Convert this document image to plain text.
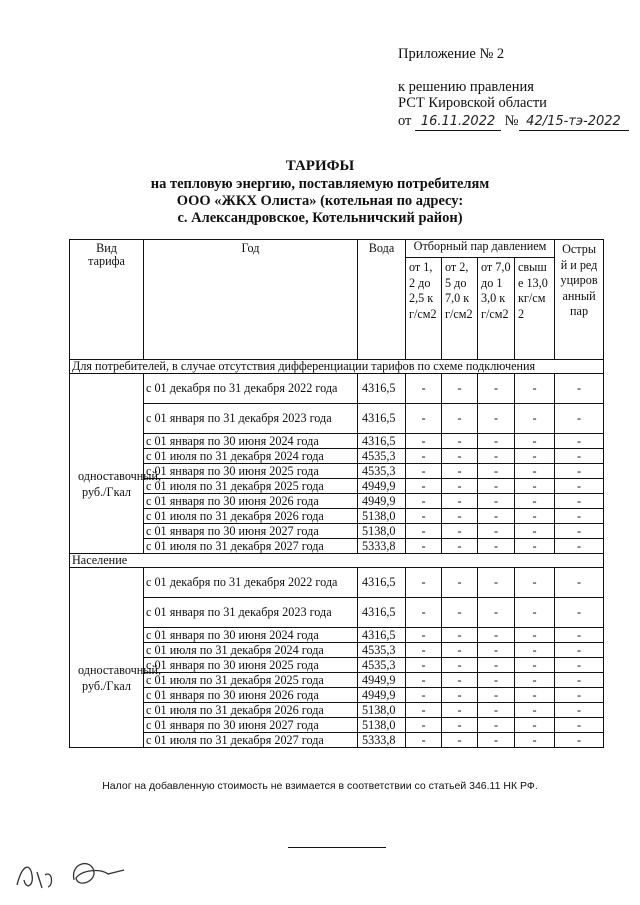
Приложение № 2
к решению правления
РСТ Кировской области
от 16.11.2022 № 42/15-тэ-2022
ТАРИФЫ
на тепловую энергию, поставляемую потребителям
ООО «ЖКХ Олиста» (котельная по адресу:
с. Александровское, Котельничский район)
Вид тарифа	Год	Вода	Отборный пар давлением				Острый и редуцированный пар
			от 1,2 до 2,5 кг/см2	от 2,5 до 7,0 кг/см2	от 7,0 до 13,0 кг/см2	свыше 13,0 кг/см2	
Для потребителей, в случае отсутствия дифференциации тарифов по схеме подключения							
одноставочный, руб./Гкал	с 01 декабря по 31 декабря 2022 года	4316,5	-	-	-	-	-
	с 01 января по 31 декабря 2023 года	4316,5	-	-	-	-	-
	с 01 января по 30 июня 2024 года	4316,5	-	-	-	-	-
	с 01 июля по 31 декабря 2024 года	4535,3	-	-	-	-	-
	с 01 января по 30 июня 2025 года	4535,3	-	-	-	-	-
	с 01 июля по 31 декабря 2025 года	4949,9	-	-	-	-	-
	с 01 января по 30 июня 2026 года	4949,9	-	-	-	-	-
	с 01 июля по 31 декабря 2026 года	5138,0	-	-	-	-	-
	с 01 января по 30 июня 2027 года	5138,0	-	-	-	-	-
	с 01 июля по 31 декабря 2027 года	5333,8	-	-	-	-	-
Население							
одноставочный, руб./Гкал	с 01 декабря по 31 декабря 2022 года	4316,5	-	-	-	-	-
	с 01 января по 31 декабря 2023 года	4316,5	-	-	-	-	-
	с 01 января по 30 июня 2024 года	4316,5	-	-	-	-	-
	с 01 июля по 31 декабря 2024 года	4535,3	-	-	-	-	-
	с 01 января по 30 июня 2025 года	4535,3	-	-	-	-	-
	с 01 июля по 31 декабря 2025 года	4949,9	-	-	-	-	-
	с 01 января по 30 июня 2026 года	4949,9	-	-	-	-	-
	с 01 июля по 31 декабря 2026 года	5138,0	-	-	-	-	-
	с 01 января по 30 июня 2027 года	5138,0	-	-	-	-	-
	с 01 июля по 31 декабря 2027 года	5333,8	-	-	-	-	-
Налог на добавленную стоимость не взимается в соответствии со статьей 346.11 НК РФ.
